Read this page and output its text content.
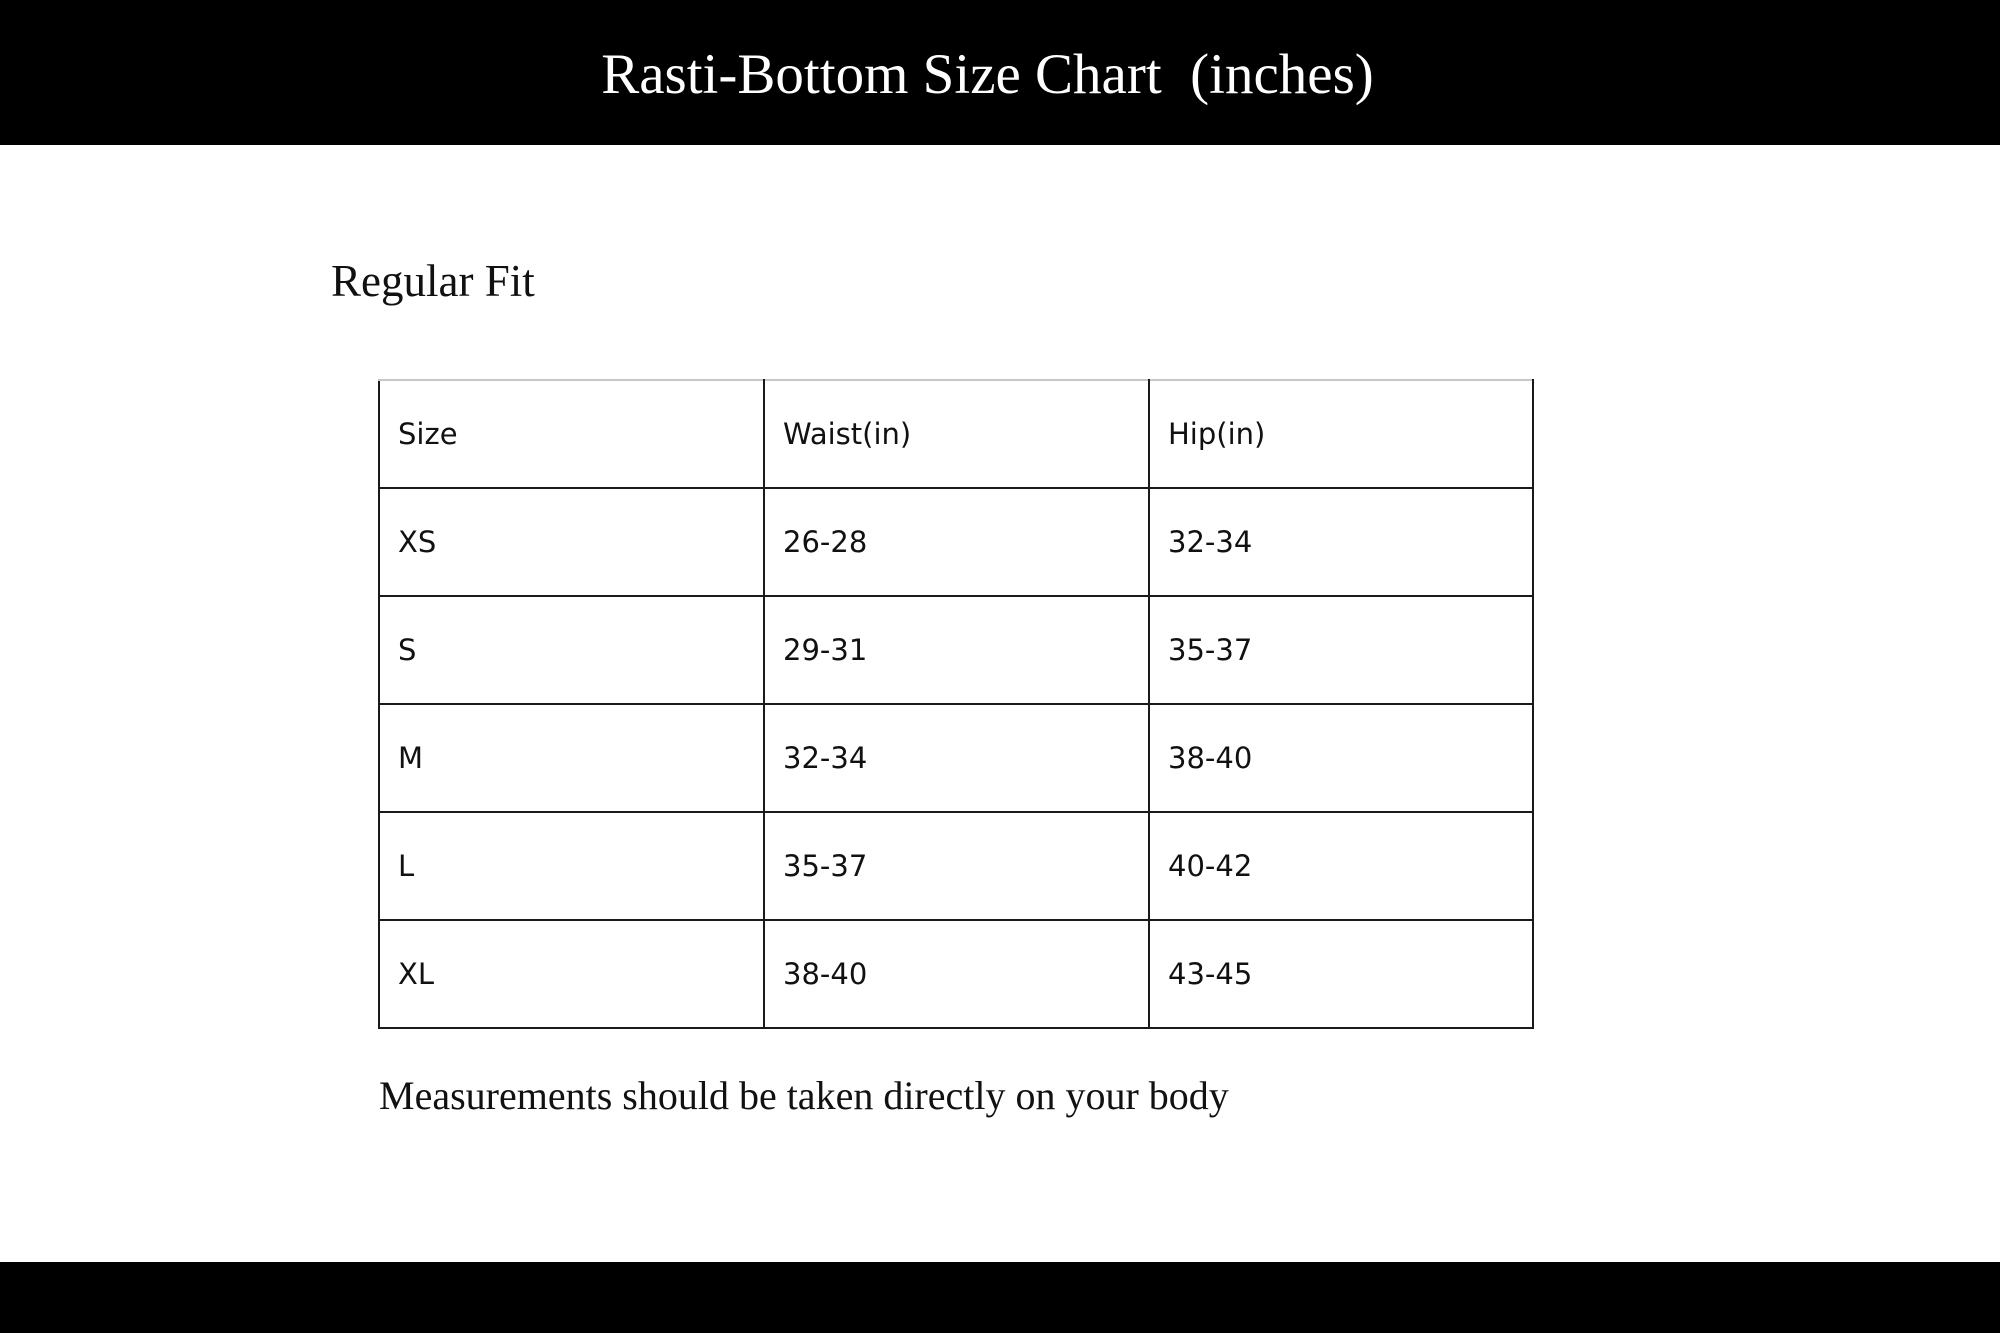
Rasti-Bottom Size Chart  (inches)
Regular Fit
Size	Waist(in)	Hip(in)
XS	26-28	32-34
S	29-31	35-37
M	32-34	38-40
L	35-37	40-42
XL	38-40	43-45
Measurements should be taken directly on your body
